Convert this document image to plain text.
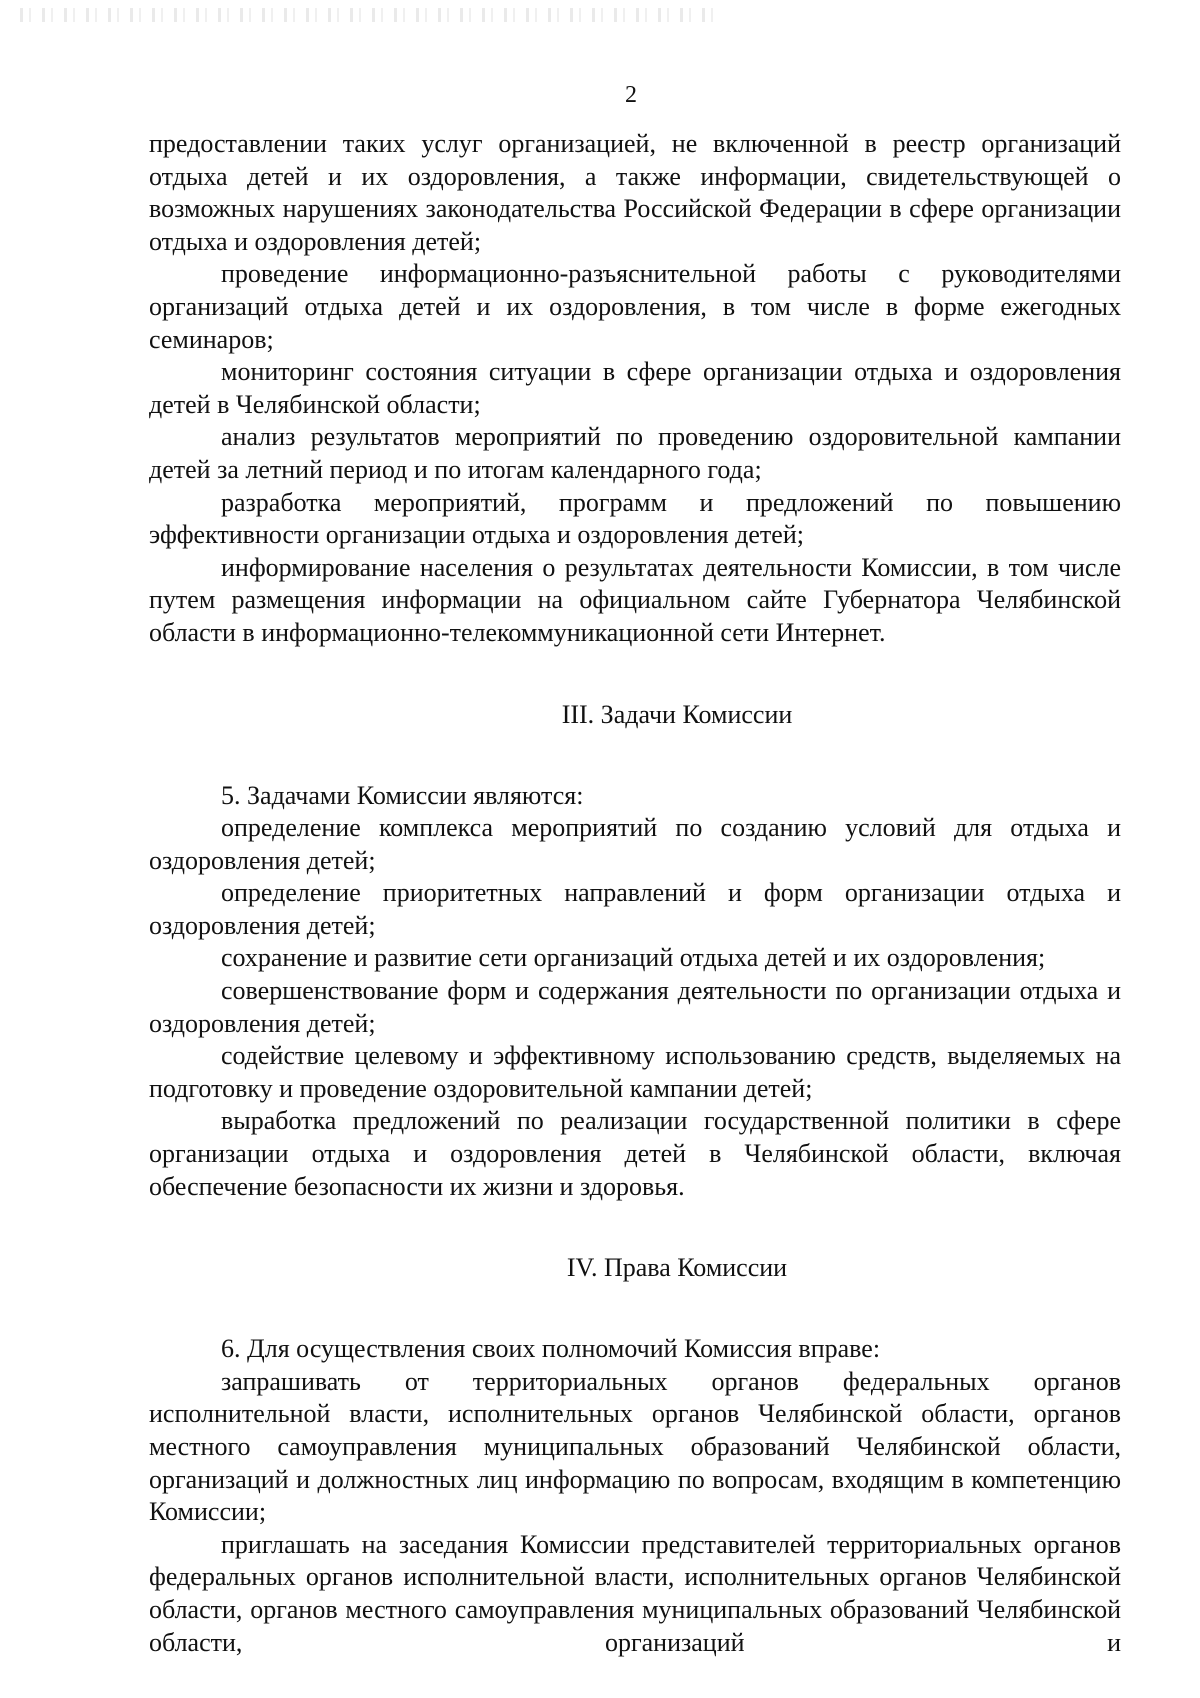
2

предоставлении таких услуг организацией, не включенной в реестр организаций отдыха детей и их оздоровления, а также информации, свидетельствующей о возможных нарушениях законодательства Российской Федерации в сфере организации отдыха и оздоровления детей;

проведение информационно-разъяснительной работы с руководителями организаций отдыха детей и их оздоровления, в том числе в форме ежегодных семинаров;

мониторинг состояния ситуации в сфере организации отдыха и оздоровления детей в Челябинской области;

анализ результатов мероприятий по проведению оздоровительной кампании детей за летний период и по итогам календарного года;

разработка мероприятий, программ и предложений по повышению эффективности организации отдыха и оздоровления детей;

информирование населения о результатах деятельности Комиссии, в том числе путем размещения информации на официальном сайте Губернатора Челябинской области в информационно-телекоммуникационной сети Интернет.

III. Задачи Комиссии

5. Задачами Комиссии являются:

определение комплекса мероприятий по созданию условий для отдыха и оздоровления детей;

определение приоритетных направлений и форм организации отдыха и оздоровления детей;

сохранение и развитие сети организаций отдыха детей и их оздоровления;

совершенствование форм и содержания деятельности по организации отдыха и оздоровления детей;

содействие целевому и эффективному использованию средств, выделяемых на подготовку и проведение оздоровительной кампании детей;

выработка предложений по реализации государственной политики в сфере организации отдыха и оздоровления детей в Челябинской области, включая обеспечение безопасности их жизни и здоровья.

IV. Права Комиссии

6. Для осуществления своих полномочий Комиссия вправе:

запрашивать от территориальных органов федеральных органов исполнительной власти, исполнительных органов Челябинской области, органов местного самоуправления муниципальных образований Челябинской области, организаций и должностных лиц информацию по вопросам, входящим в компетенцию Комиссии;

приглашать на заседания Комиссии представителей территориальных органов федеральных органов исполнительной власти, исполнительных органов Челябинской области, органов местного самоуправления муниципальных образований Челябинской области, организаций и
